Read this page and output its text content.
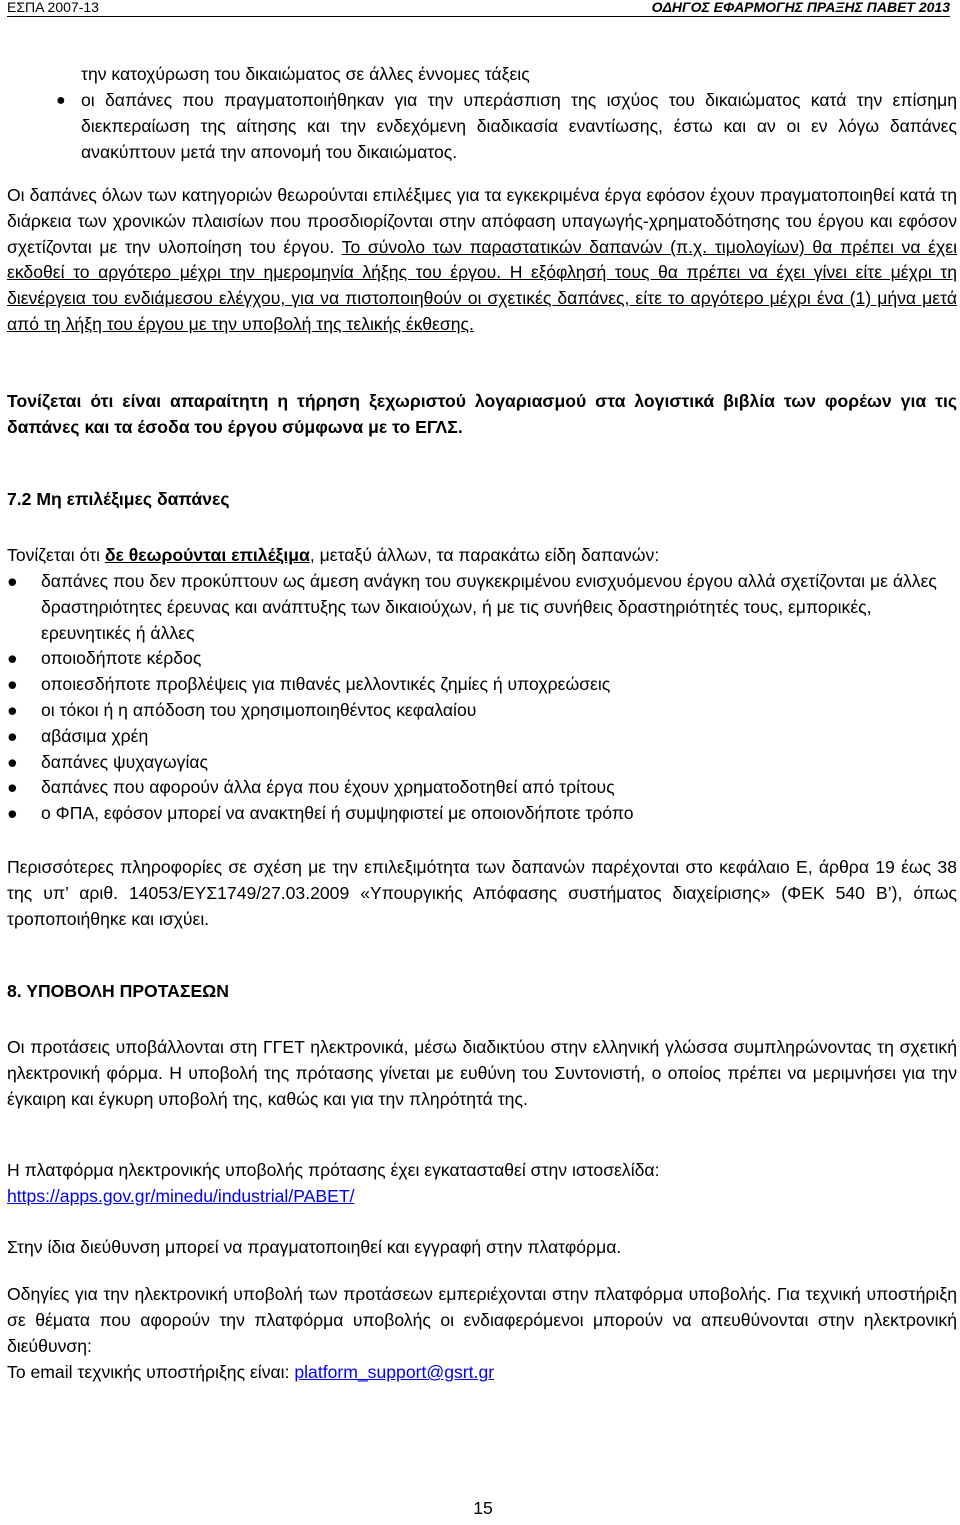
ΕΣΠΑ 2007-13	ΟΔΗΓΟΣ ΕΦΑΡΜΟΓΗΣ ΠΡΑΞΗΣ ΠΑΒΕΤ 2013
την κατοχύρωση του δικαιώματος σε άλλες έννομες τάξεις
● οι δαπάνες που πραγματοποιήθηκαν για την υπεράσπιση της ισχύος του δικαιώματος κατά την επίσημη διεκπεραίωση της αίτησης και την ενδεχόμενη διαδικασία εναντίωσης, έστω και αν οι εν λόγω δαπάνες ανακύπτουν μετά την απονομή του δικαιώματος.
Οι δαπάνες όλων των κατηγοριών θεωρούνται επιλέξιμες για τα εγκεκριμένα έργα εφόσον έχουν πραγματοποιηθεί κατά τη διάρκεια των χρονικών πλαισίων που προσδιορίζονται στην απόφαση υπαγωγής-χρηματοδότησης του έργου και εφόσον σχετίζονται με την υλοποίηση του έργου. Το σύνολο των παραστατικών δαπανών (π.χ. τιμολογίων) θα πρέπει να έχει εκδοθεί το αργότερο μέχρι την ημερομηνία λήξης του έργου. Η εξόφλησή τους θα πρέπει να έχει γίνει είτε μέχρι τη διενέργεια του ενδιάμεσου ελέγχου, για να πιστοποιηθούν οι σχετικές δαπάνες, είτε το αργότερο μέχρι ένα (1) μήνα μετά από τη λήξη του έργου με την υποβολή της τελικής έκθεσης.
Τονίζεται ότι είναι απαραίτητη η τήρηση ξεχωριστού λογαριασμού στα λογιστικά βιβλία των φορέων για τις δαπάνες και τα έσοδα του έργου σύμφωνα με το ΕΓΛΣ.
7.2 Μη επιλέξιμες δαπάνες
Τονίζεται ότι δε θεωρούνται επιλέξιμα, μεταξύ άλλων, τα παρακάτω είδη δαπανών:
● δαπάνες που δεν προκύπτουν ως άμεση ανάγκη του συγκεκριμένου ενισχυόμενου έργου αλλά σχετίζονται με άλλες δραστηριότητες έρευνας και ανάπτυξης των δικαιούχων, ή με τις συνήθεις δραστηριότητές τους, εμπορικές, ερευνητικές ή άλλες
● οποιοδήποτε κέρδος
● οποιεσδήποτε προβλέψεις για πιθανές μελλοντικές ζημίες ή υποχρεώσεις
● οι τόκοι ή η απόδοση του χρησιμοποιηθέντος κεφαλαίου
● αβάσιμα χρέη
● δαπάνες ψυχαγωγίας
● δαπάνες που αφορούν άλλα έργα που έχουν χρηματοδοτηθεί από τρίτους
● ο ΦΠΑ, εφόσον μπορεί να ανακτηθεί ή συμψηφιστεί με οποιονδήποτε τρόπο
Περισσότερες πληροφορίες σε σχέση με την επιλεξιμότητα των δαπανών παρέχονται στο κεφάλαιο Ε, άρθρα 19 έως 38 της υπ’ αριθ. 14053/ΕΥΣ1749/27.03.2009 «Υπουργικής Απόφασης συστήματος διαχείρισης» (ΦΕΚ 540 Β’), όπως τροποποιήθηκε και ισχύει.
8. ΥΠΟΒΟΛΗ ΠΡΟΤΑΣΕΩΝ
Οι προτάσεις υποβάλλονται στη ΓΓΕΤ ηλεκτρονικά, μέσω διαδικτύου στην ελληνική γλώσσα συμπληρώνοντας τη σχετική ηλεκτρονική φόρμα. Η υποβολή της πρότασης γίνεται με ευθύνη του Συντονιστή, ο οποίος πρέπει να μεριμνήσει για την έγκαιρη και έγκυρη υποβολή της, καθώς και για την πληρότητά της.
Η πλατφόρμα ηλεκτρονικής υποβολής πρότασης έχει εγκατασταθεί στην ιστοσελίδα:
https://apps.gov.gr/minedu/industrial/PABET/
Στην ίδια διεύθυνση μπορεί να πραγματοποιηθεί και εγγραφή στην πλατφόρμα.
Οδηγίες για την ηλεκτρονική υποβολή των προτάσεων εμπεριέχονται στην πλατφόρμα υποβολής. Για τεχνική υποστήριξη σε θέματα που αφορούν την πλατφόρμα υποβολής οι ενδιαφερόμενοι μπορούν να απευθύνονται στην ηλεκτρονική διεύθυνση:
Το email τεχνικής υποστήριξης είναι: platform_support@gsrt.gr
15
